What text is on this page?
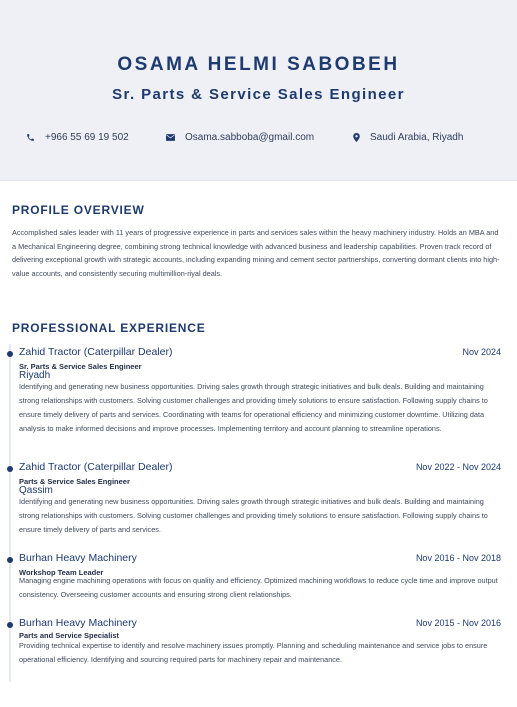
OSAMA HELMI SABOBEH
Sr. Parts & Service Sales Engineer
+966 55 69 19 502	Osama.sabboba@gmail.com	Saudi Arabia, Riyadh
PROFILE OVERVIEW
Accomplished sales leader with 11 years of progressive experience in parts and services sales within the heavy machinery industry. Holds an MBA and a Mechanical Engineering degree, combining strong technical knowledge with advanced business and leadership capabilities. Proven track record of delivering exceptional growth with strategic accounts, including expanding mining and cement sector partnerships, converting dormant clients into high-value accounts, and consistently securing multimillion-riyal deals.
PROFESSIONAL EXPERIENCE
Zahid Tractor (Caterpillar Dealer)	Nov 2024
Sr. Parts & Service Sales Engineer
Riyadh
Identifying and generating new business opportunities. Driving sales growth through strategic initiatives and bulk deals. Building and maintaining strong relationships with customers. Solving customer challenges and providing timely solutions to ensure satisfaction. Following supply chains to ensure timely delivery of parts and services. Coordinating with teams for operational efficiency and minimizing customer downtime. Utilizing data analysis to make informed decisions and improve processes. Implementing territory and account planning to streamline operations.
Zahid Tractor (Caterpillar Dealer)	Nov 2022 - Nov 2024
Parts & Service Sales Engineer
Qassim
Identifying and generating new business opportunities. Driving sales growth through strategic initiatives and bulk deals. Building and maintaining strong relationships with customers. Solving customer challenges and providing timely solutions to ensure satisfaction. Following supply chains to ensure timely delivery of parts and services.
Burhan Heavy Machinery	Nov 2016 - Nov 2018
Workshop Team Leader
Managing engine machining operations with focus on quality and efficiency. Optimized machining workflows to reduce cycle time and improve output consistency. Overseeing customer accounts and ensuring strong client relationships.
Burhan Heavy Machinery	Nov 2015 - Nov 2016
Parts and Service Specialist
Providing technical expertise to identify and resolve machinery issues promptly. Planning and scheduling maintenance and service jobs to ensure operational efficiency. Identifying and sourcing required parts for machinery repair and maintenance.
